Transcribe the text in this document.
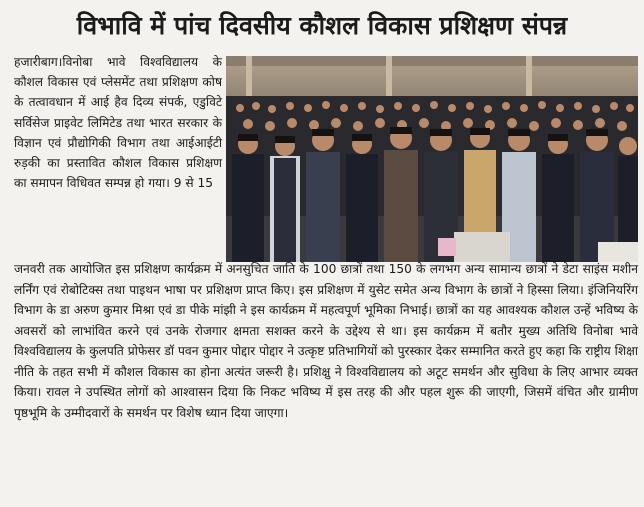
विभावि में पांच दिवसीय कौशल विकास प्रशिक्षण संपन्न
हजारीबाग।विनोबा भावे विश्वविद्यालय के कौशल विकास एवं प्लेसमेंट तथा प्रशिक्षण कोष के तत्वावधान में आई हैव दिव्य संपर्क, एडुविटे सर्विसेज प्राइवेट लिमिटेड तथा भारत सरकार के विज्ञान एवं प्रौद्योगिकी विभाग तथा आईआईटी रुड़की का प्रस्तावित कौशल विकास प्रशिक्षण का समापन विधिवत सम्पन्न हो गया। 9 से 15
जनवरी तक आयोजित इस प्रशिक्षण कार्यक्रम में अनसुचित जाति के 100 छात्रों तथा 150 के लगभग अन्य सामान्य छात्रों ने डेटा साइंस मशीन लर्निंग एवं रोबोटिक्स तथा पाइथन भाषा पर प्रशिक्षण प्राप्त किए। इस प्रशिक्षण में युसेट समेत अन्य विभाग के छात्रों ने हिस्सा लिया। इंजिनियरिंग विभाग के डा अरुण कुमार मिश्रा एवं डा पीके मांझी ने इस कार्यक्रम में महत्वपूर्ण भूमिका निभाई। छात्रों का यह आवश्यक कौशल उन्हें भविष्य के अवसरों को लाभांवित करने एवं उनके रोजगार क्षमता सशक्त करने के उद्देश्य से था। इस कार्यक्रम में बतौर मुख्य अतिथि विनोबा भावे विश्वविद्यालय के कुलपति प्रोफेसर डॉ पवन कुमार पोद्दार पोद्दार ने उत्कृष्ट प्रतिभागियों को पुरस्कार देकर सम्मानित करते हुए कहा कि राष्ट्रीय शिक्षा नीति के तहत सभी में कौशल विकास का होना अत्यंत जरूरी है। प्रशिक्षु ने विश्वविद्यालय को अटूट समर्थन और सुविधा के लिए आभार व्यक्त किया। रावल ने उपस्थित लोगों को आश्वासन दिया कि निकट भविष्य में इस तरह की और पहल शुरू की जाएगी, जिसमें वंचित और ग्रामीण पृष्ठभूमि के उम्मीदवारों के समर्थन पर विशेष ध्यान दिया जाएगा।
